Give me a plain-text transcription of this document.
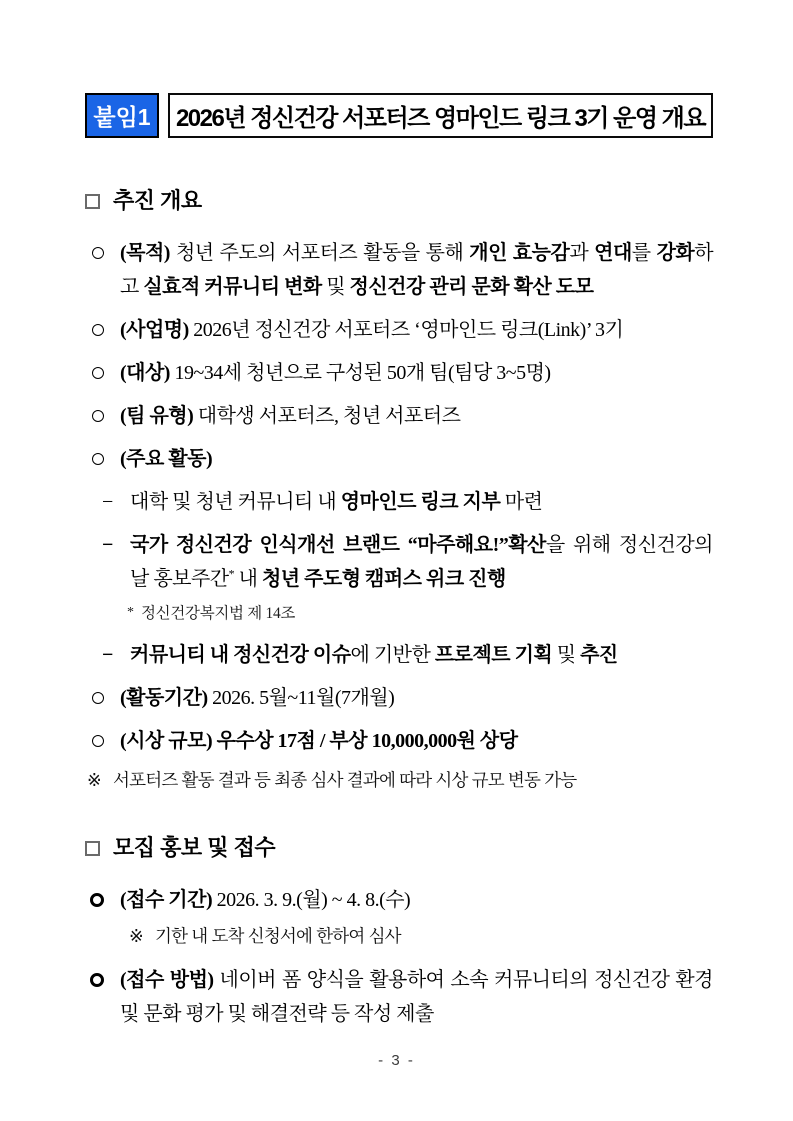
붙임1	2026년 정신건강 서포터즈 영마인드 링크 3기 운영 개요
추진 개요
(목적) 청년 주도의 서포터즈 활동을 통해 개인 효능감과 연대를 강화하고 실효적 커뮤니티 변화 및 정신건강 관리 문화 확산 도모
(사업명) 2026년 정신건강 서포터즈 ‘영마인드 링크(Link)’ 3기
(대상) 19~34세 청년으로 구성된 50개 팀(팀당 3~5명)
(팀 유형) 대학생 서포터즈, 청년 서포터즈
(주요 활동)
− 대학 및 청년 커뮤니티 내 영마인드 링크 지부 마련
− 국가 정신건강 인식개선 브랜드 “마주해요!”확산을 위해 정신건강의 날 홍보주간* 내 청년 주도형 캠퍼스 위크 진행
* 정신건강복지법 제 14조
− 커뮤니티 내 정신건강 이슈에 기반한 프로젝트 기획 및 추진
(활동기간) 2026. 5월~11월(7개월)
(시상 규모) 우수상 17점 / 부상 10,000,000원 상당
※ 서포터즈 활동 결과 등 최종 심사 결과에 따라 시상 규모 변동 가능
모집 홍보 및 접수
(접수 기간) 2026. 3. 9.(월) ~ 4. 8.(수)
※ 기한 내 도착 신청서에 한하여 심사
(접수 방법) 네이버 폼 양식을 활용하여 소속 커뮤니티의 정신건강 환경 및 문화 평가 및 해결전략 등 작성 제출
- 3 -
